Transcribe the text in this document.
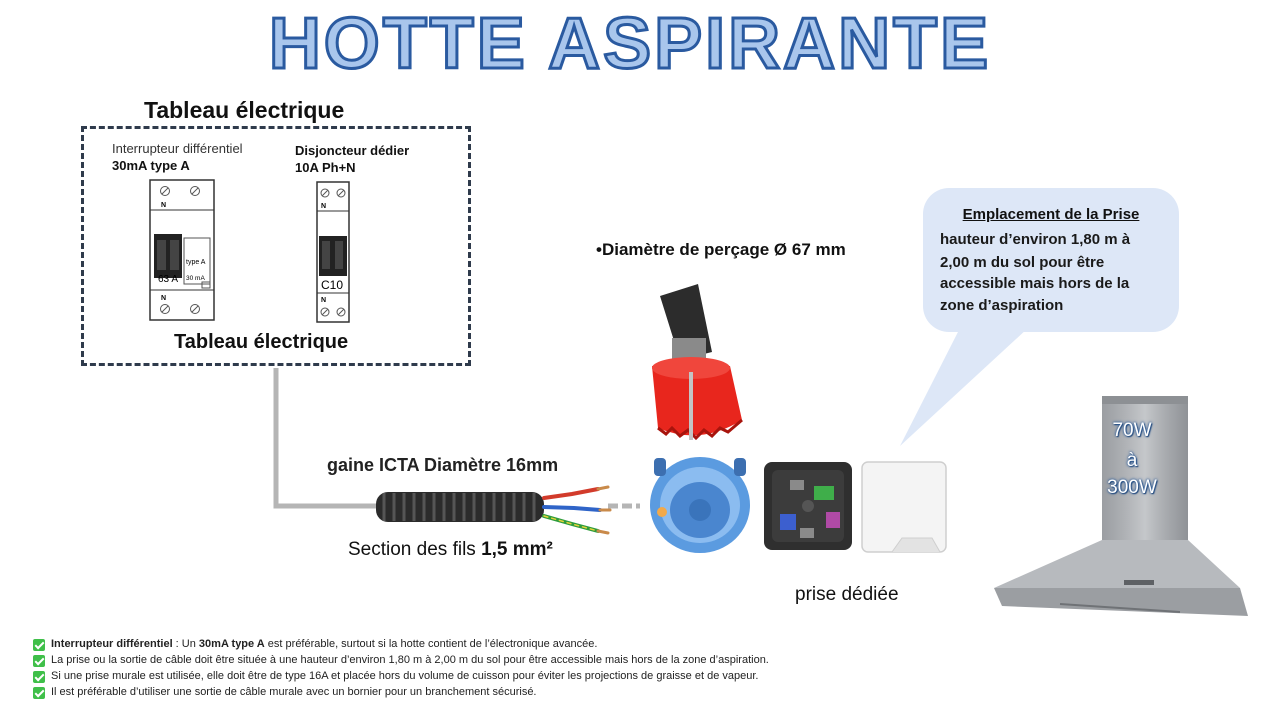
HOTTE ASPIRANTE
Tableau électrique
Interrupteur différentiel
30mA type A
Disjoncteur dédier
10A Ph+N
N
type A
30 mA
63 A
N
N
C10
N
Tableau électrique
•Diamètre de perçage Ø 67 mm
gaine ICTA Diamètre 16mm
Section des fils 1,5 mm²
prise dédiée
Emplacement de la Prise
hauteur d’environ 1,80 m à
2,00 m du sol pour être
accessible mais hors de la
zone d’aspiration
70W
à
300W
Interrupteur différentiel : Un 30mA type A est préférable, surtout si la hotte contient de l’électronique avancée.
La prise ou la sortie de câble doit être située à une hauteur d’environ 1,80 m à 2,00 m du sol pour être accessible mais hors de la zone d’aspiration.
Si une prise murale est utilisée, elle doit être de type 16A et placée hors du volume de cuisson pour éviter les projections de graisse et de vapeur.
Il est préférable d’utiliser une sortie de câble murale avec un bornier pour un branchement sécurisé.
